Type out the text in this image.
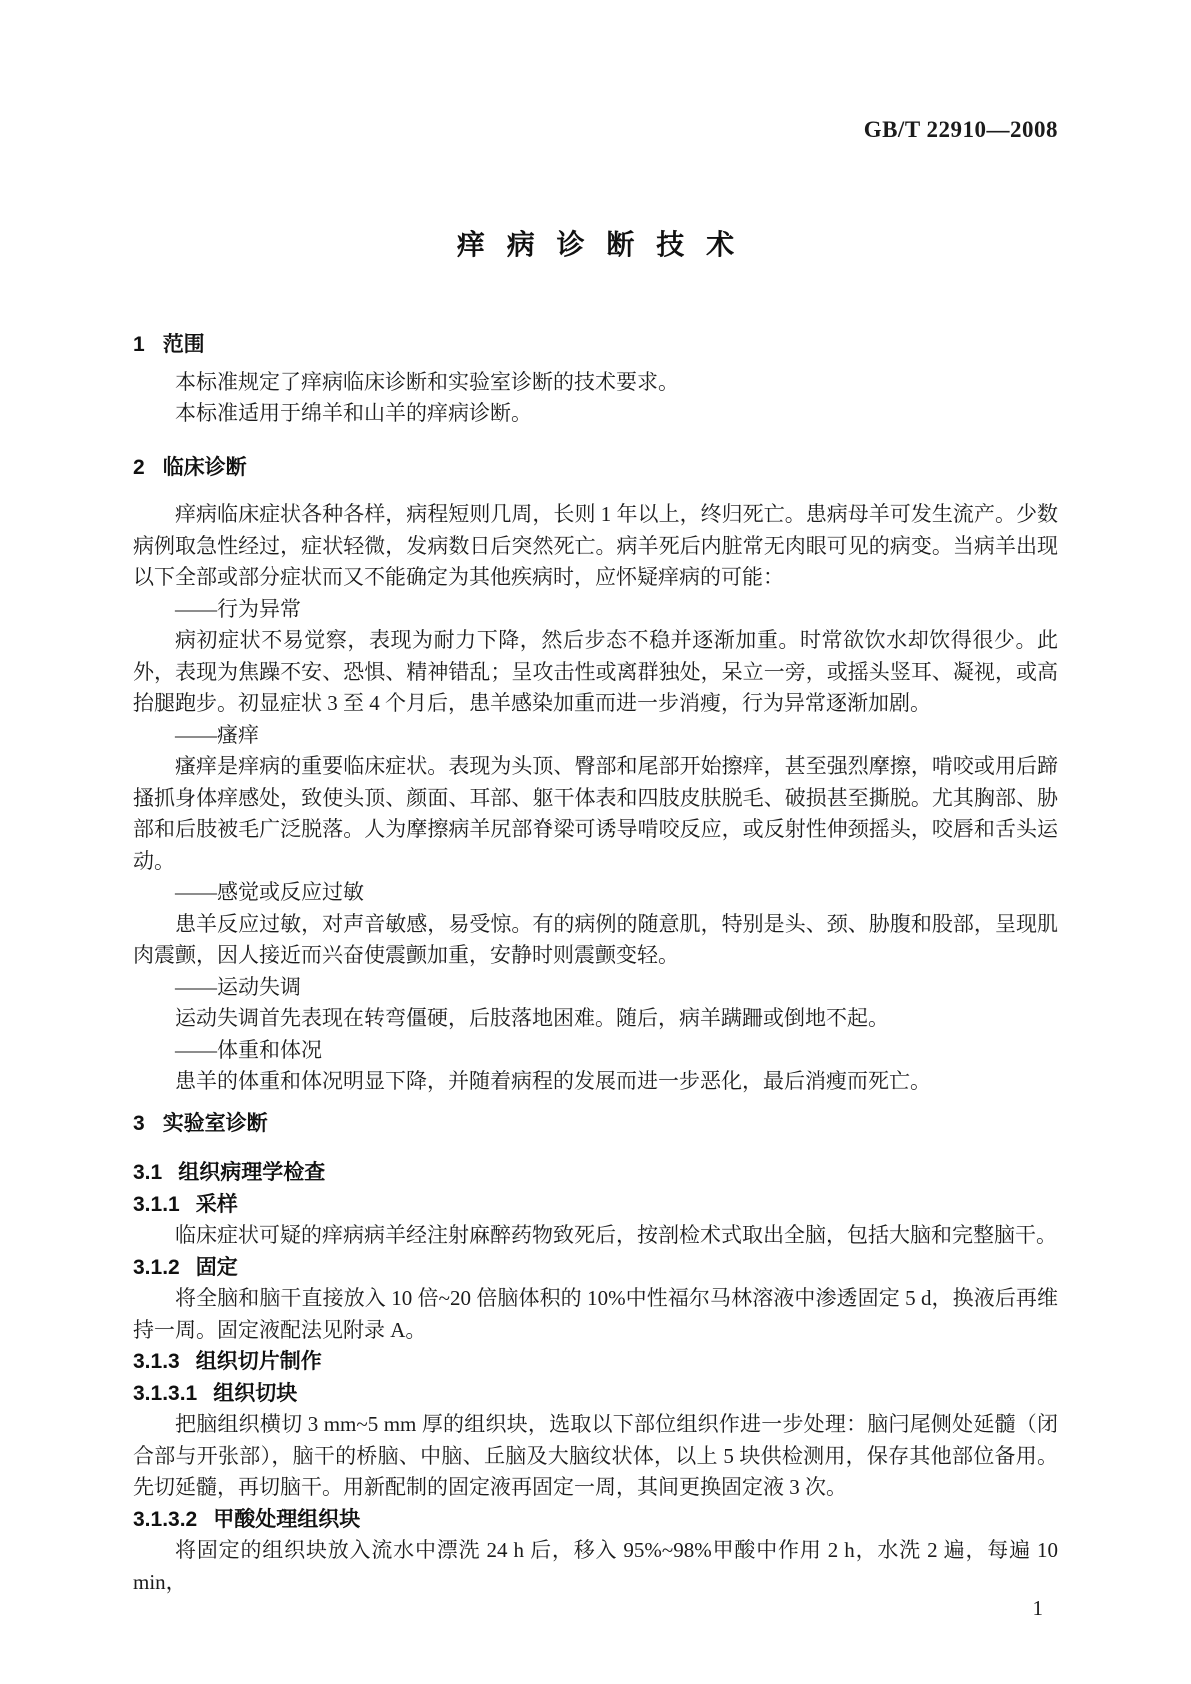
GB/T 22910—2008
痒病诊断技术
1 范围

本标准规定了痒病临床诊断和实验室诊断的技术要求。

本标准适用于绵羊和山羊的痒病诊断。

2 临床诊断

痒病临床症状各种各样，病程短则几周，长则 1 年以上，终归死亡。患病母羊可发生流产。少数病例取急性经过，症状轻微，发病数日后突然死亡。病羊死后内脏常无肉眼可见的病变。当病羊出现以下全部或部分症状而又不能确定为其他疾病时，应怀疑痒病的可能：

——行为异常

病初症状不易觉察，表现为耐力下降，然后步态不稳并逐渐加重。时常欲饮水却饮得很少。此外，表现为焦躁不安、恐惧、精神错乱；呈攻击性或离群独处，呆立一旁，或摇头竖耳、凝视，或高抬腿跑步。初显症状 3 至 4 个月后，患羊感染加重而进一步消瘦，行为异常逐渐加剧。

——瘙痒

瘙痒是痒病的重要临床症状。表现为头顶、臀部和尾部开始擦痒，甚至强烈摩擦，啃咬或用后蹄搔抓身体痒感处，致使头顶、颜面、耳部、躯干体表和四肢皮肤脱毛、破损甚至撕脱。尤其胸部、胁部和后肢被毛广泛脱落。人为摩擦病羊尻部脊梁可诱导啃咬反应，或反射性伸颈摇头，咬唇和舌头运动。

——感觉或反应过敏

患羊反应过敏，对声音敏感，易受惊。有的病例的随意肌，特别是头、颈、胁腹和股部，呈现肌肉震颤，因人接近而兴奋使震颤加重，安静时则震颤变轻。

——运动失调

运动失调首先表现在转弯僵硬，后肢落地困难。随后，病羊蹒跚或倒地不起。

——体重和体况

患羊的体重和体况明显下降，并随着病程的发展而进一步恶化，最后消瘦而死亡。

3 实验室诊断
3.1 组织病理学检查
3.1.1 采样

临床症状可疑的痒病病羊经注射麻醉药物致死后，按剖检术式取出全脑，包括大脑和完整脑干。

3.1.2 固定

将全脑和脑干直接放入 10 倍~20 倍脑体积的 10%中性福尔马林溶液中渗透固定 5 d，换液后再维持一周。固定液配法见附录 A。

3.1.3 组织切片制作
3.1.3.1 组织切块

把脑组织横切 3 mm~5 mm 厚的组织块，选取以下部位组织作进一步处理：脑闩尾侧处延髓（闭合部与开张部），脑干的桥脑、中脑、丘脑及大脑纹状体，以上 5 块供检测用，保存其他部位备用。先切延髓，再切脑干。用新配制的固定液再固定一周，其间更换固定液 3 次。

3.1.3.2 甲酸处理组织块

将固定的组织块放入流水中漂洗 24 h 后，移入 95%~98%甲酸中作用 2 h，水洗 2 遍，每遍 10 min，

1
